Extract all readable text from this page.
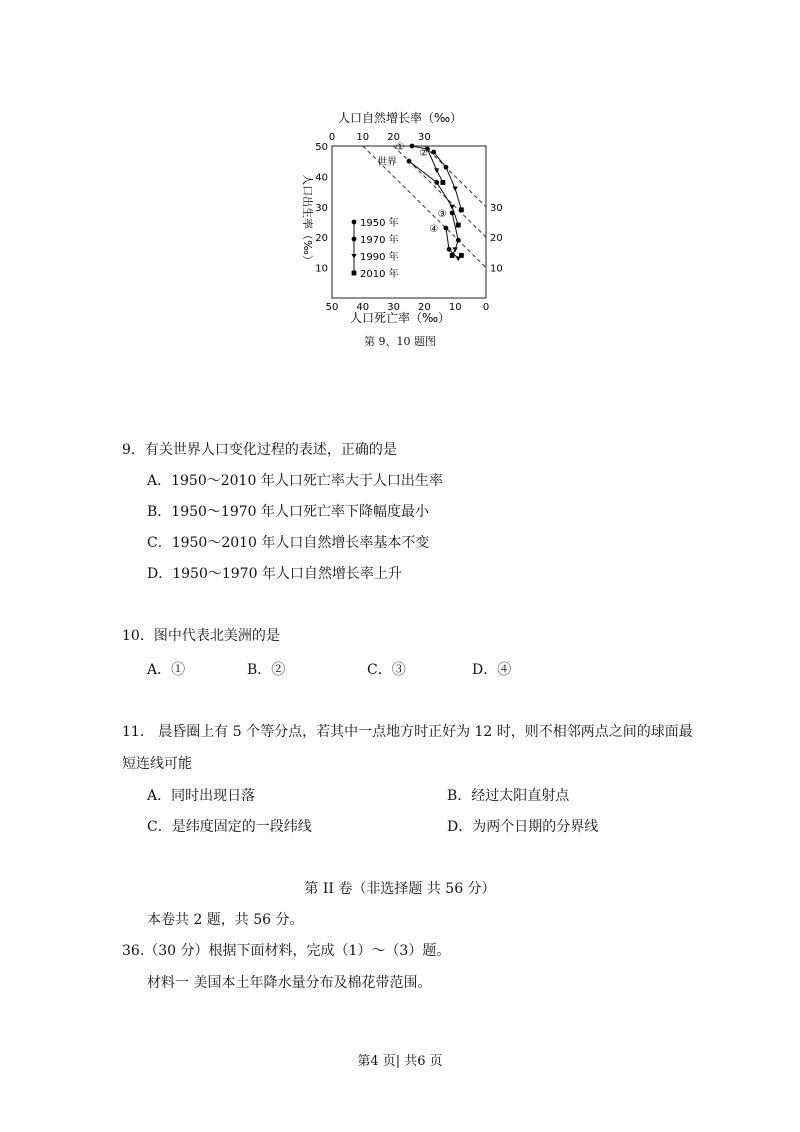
人口自然增长率（‰）
人口出生率（‰）
人口死亡率（‰）
0 10 20 30
50
40
30
20
10
50 40 30 20 10 0
30
20
10
①
世界
②
③
④
1950 年
1970 年
1990 年
2010 年
第 9、10 题图
9．有关世界人口变化过程的表述，正确的是
A．1950～2010 年人口死亡率大于人口出生率
B．1950～1970 年人口死亡率下降幅度最小
C．1950～2010 年人口自然增长率基本不变
D．1950～1970 年人口自然增长率上升
10．图中代表北美洲的是
A．①	B．②	C．③	D．④
11． 晨昏圈上有 5 个等分点，若其中一点地方时正好为 12 时，则不相邻两点之间的球面最
短连线可能
A．同时出现日落	B．经过太阳直射点
C．是纬度固定的一段纬线	D．为两个日期的分界线
第 II 卷（非选择题 共 56 分）
本卷共 2 题，共 56 分。
36.（30 分）根据下面材料，完成（1）～（3）题。
材料一 美国本土年降水量分布及棉花带范围。
第4 页| 共6 页
